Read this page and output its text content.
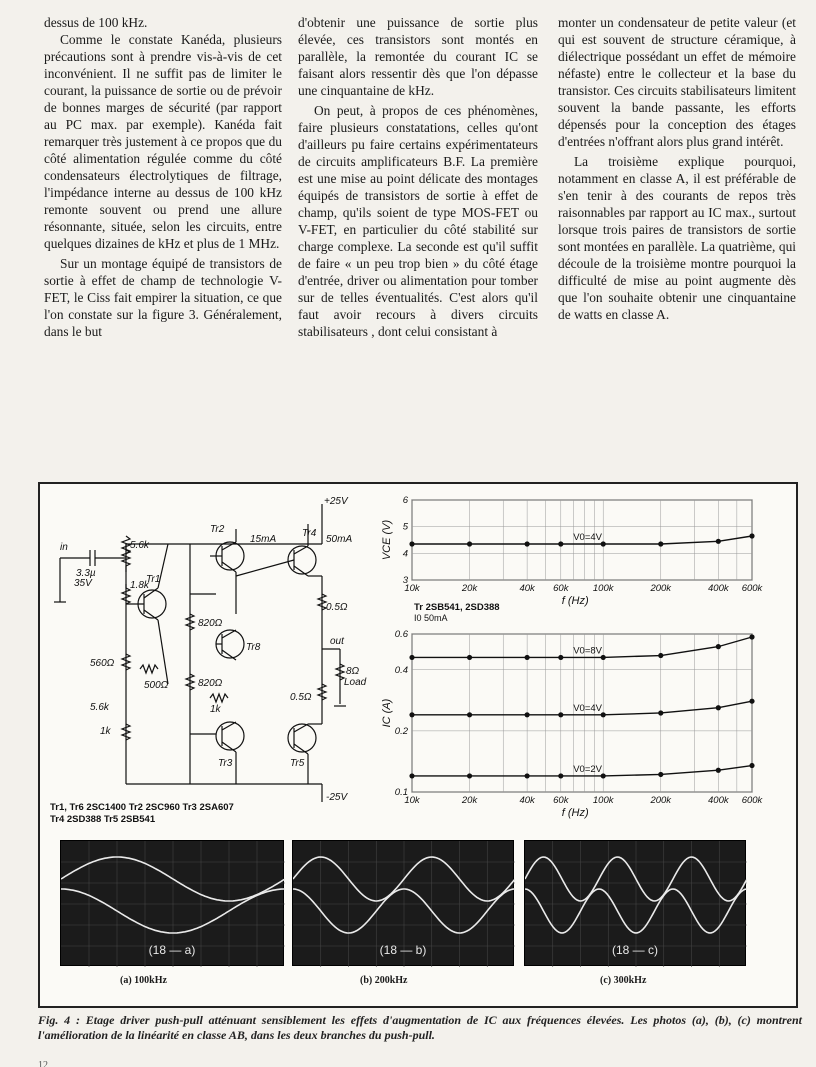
dessus de 100 kHz.

Comme le constate Kanéda, plusieurs précautions sont à prendre vis-à-vis de cet inconvénient. Il ne suffit pas de limiter le courant, la puissance de sortie ou de prévoir de bonnes marges de sécurité (par rapport au PC max. par exemple). Kanéda fait remarquer très justement à ce propos que du côté alimentation régulée comme du côté condensateurs électrolytiques de filtrage, l'impédance interne au dessus de 100 kHz remonte souvent ou prend une allure résonnante, située, selon les circuits, entre quelques dizaines de kHz et plus de 1 MHz.

Sur un montage équipé de transistors de sortie à effet de champ de technologie V-FET, le Ciss fait empirer la situation, ce que l'on constate sur la figure 3. Généralement, dans le but

d'obtenir une puissance de sortie plus élevée, ces transistors sont montés en parallèle, la remontée du courant IC se faisant alors ressentir dès que l'on dépasse une cinquantaine de kHz.

On peut, à propos de ces phénomènes, faire plusieurs constatations, celles qu'ont d'ailleurs pu faire certains expérimentateurs de circuits amplificateurs B.F. La première est une mise au point délicate des montages équipés de transistors de sortie à effet de champ, qu'ils soient de type MOS-FET ou V-FET, en particulier du côté stabilité sur charge complexe. La seconde est qu'il suffit de faire « un peu trop bien » du côté étage d'entrée, driver ou alimentation pour tomber sur de telles éventualités. C'est alors qu'il faut avoir recours à divers circuits stabilisateurs , dont celui consistant à

monter un condensateur de petite valeur (et qui est souvent de structure céramique, à diélectrique possédant un effet de mémoire néfaste) entre le collecteur et la base du transistor. Ces circuits stabilisateurs limitent souvent la bande passante, les efforts dépensés pour la conception des étages d'entrées n'offrant alors plus grand intérêt.

La troisième explique pourquoi, notamment en classe A, il est préférable de s'en tenir à des courants de repos très raisonnables par rapport au IC max., surtout lorsque trois paires de transistors de sortie sont montées en parallèle. La quatrième, qui découle de la troisième montre pourquoi la difficulté de mise au point augmente dès que l'on souhaite obtenir une cinquantaine de watts en classe A.

in
3.3µ
35V
5.6k
1.8k
560Ω
500Ω
5.6k
1k
820Ω
820Ω
1k
0.5Ω
0.5Ω
8Ω
Load
out
+25V
-25V
15mA	50mA
Tr1
Tr2
Tr3
Tr4
Tr5
Tr8
Tr1, Tr6 2SC1400 Tr2 2SC960 Tr3 2SA607
Tr4 2SD388 Tr5 2SB541
10k	20k	40k 60k	100k	200k	400k 600k
3
4
5
6
VCE (V)
f (Hz)
V0=4V
Tr 2SB541, 2SD388
I0 50mA
10k	20k	40k 60k	100k	200k	400k 600k
0.1
0.2
0.4
0.6
IC (A)
f (Hz)
V0=8V
V0=4V
V0=2V
(18 — a)	(18 — b)	(18 — c)
(a) 100kHz	(b) 200kHz	(c) 300kHz
Fig. 4 : Etage driver push-pull atténuant sensiblement les effets d'augmentation de IC aux fréquences élevées. Les photos (a), (b), (c) montrent l'amélioration de la linéarité en classe AB, dans les deux branches du push-pull.
12
